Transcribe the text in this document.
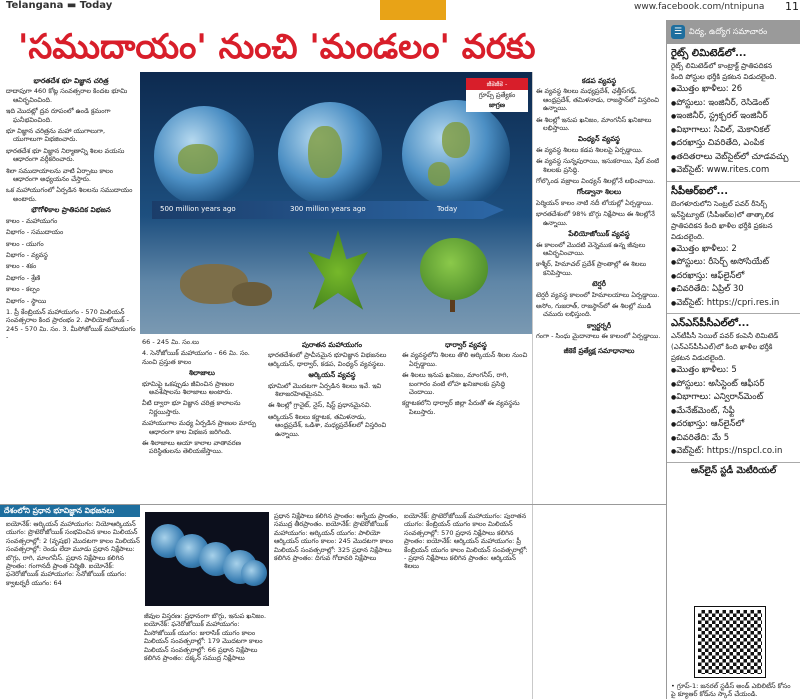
Telangana ▬ Today	www.facebook.com/ntnipuna 11
'సముదాయం' నుంచి 'మండలం' వరకు
భారతదేశ భూ విజ్ఞాన చరిత్ర

దాదాపుగా 460 కోట్ల సంవత్సరాల కిందట భూమి ఆవిర్భవించింది.

ఇది మొదట్లో ద్రవ రూపంలో ఉండి క్రమంగా ఘనీభవించింది.

భూ విజ్ఞాన చరిత్రను మహా యుగాలుగా, యుగాలుగా విభజించారు.

భారతదేశ భూ విజ్ఞాన నిర్మాణాన్ని శిలల వయసు ఆధారంగా వర్గీకరించారు.

శిలా సముదాయాలను వాటి ఏర్పాటు కాలం ఆధారంగా అధ్యయనం చేస్తారు.

ఒక మహాయుగంలో ఏర్పడిన శిలలను సముదాయం అంటారు.

భౌగోళికాల ప్రాతిపదిక విభజన

కాలం - మహాయుగం

విభాగం - సముదాయం

కాలం - యుగం

విభాగం - వ్యవస్థ

కాలం - శకం

విభాగం - శ్రేణి

కాలం - కల్పం

విభాగం - స్థాయి

1. ప్రీ కేంబ్రియన్ మహాయుగం - 570 మిలియన్ సంవత్సరాల కింద ప్రారంభం 2. పాలియోజోయిక్ - 245 - 570 మి. సం. 3. మీసోజోయిక్ మహాయుగం -

జీకెజీకె -
గ్రూప్స్ ప్రత్యేకం
జాగ్రణ
500 million years ago	300 million years ago	Today

66 - 245 మి. సం.లు

4. సెనోజోయిక్ మహాయుగం - 66 మి. సం. నుంచి ప్రస్తుత కాలం

శిలాజాలు

భూమిపై ఒకప్పుడు జీవించిన ప్రాణుల అవశేషాలను శిలాజాలు అంటారు.

వీటి ద్వారా భూ విజ్ఞాన చరిత్ర కాలాలను నిర్ణయిస్తారు.

మహాయుగాల మధ్య ఏర్పడిన ప్రాణుల మార్పు ఆధారంగా కాల విభజన జరిగింది.

ఈ శిలాజాలు ఆయా కాలాల వాతావరణ పరిస్థితులను తెలియజేస్తాయి.

పురాతన మహాయుగం

భారతదేశంలో ప్రాచీనమైన భూవిజ్ఞాన విభజనలు ఆర్కియన్, ధార్వార్, కడప, వింధ్యన్ వ్యవస్థలు.

ఆర్కియన్ వ్యవస్థ

భూమిలో మొదటగా ఏర్పడిన శిలలు ఇవే. ఇవి శిలాజరహితమైనవి.

ఈ శిలల్లో గ్రానైట్, నైస్, షిస్ట్ ప్రధానమైనవి.

ఆర్కియన్ శిలలు కర్ణాటక, తమిళనాడు, ఆంధ్రప్రదేశ్, ఒడిశా, మధ్యప్రదేశ్‌లలో విస్తరించి ఉన్నాయి.

ధార్వార్ వ్యవస్థ

ఈ వ్యవస్థలోని శిలలు తొలి ఆర్కియన్ శిలల నుంచి ఏర్పడ్డాయి.

ఈ శిలలు ఇనుప ఖనిజం, మాంగనీస్, రాగి, బంగారం వంటి లోహ ఖనిజాలకు ప్రసిద్ధి చెందాయి.

కర్ణాటకలోని ధార్వార్ జిల్లా పేరుతో ఈ వ్యవస్థను పిలుస్తారు.

కడప వ్యవస్థ

ఈ వ్యవస్థ శిలలు మధ్యప్రదేశ్, ఛత్తీస్‌గఢ్, ఆంధ్రప్రదేశ్, తమిళనాడు, రాజస్థాన్‌లో విస్తరించి ఉన్నాయి.

ఈ శిలల్లో ఇనుప ఖనిజం, మాంగనీస్ ఖనిజాలు లభిస్తాయి.

వింధ్యన్ వ్యవస్థ

ఈ వ్యవస్థ శిలలు కడప శిలలపై ఏర్పడ్డాయి.

ఈ వ్యవస్థ సున్నపురాయి, ఇసుకరాయి, షేల్ వంటి శిలలకు ప్రసిద్ధి.

గోల్కొండ వజ్రాలు వింధ్యన్ శిలల్లోనే లభించాయి.

గోండ్వానా శిలలు

పెర్మియన్ కాలం నాటి నదీ లోయల్లో ఏర్పడ్డాయి.

భారతదేశంలో 98% బొగ్గు నిక్షేపాలు ఈ శిలల్లోనే ఉన్నాయి.

పేలియోజోయిక్ వ్యవస్థ

ఈ కాలంలో మొదటి వెన్నెముక ఉన్న జీవులు ఆవిర్భవించాయి.

కాశ్మీర్, హిమాచల్ ప్రదేశ్ ప్రాంతాల్లో ఈ శిలలు కనిపిస్తాయి.

టెర్షరీ

టెర్షరీ వ్యవస్థ కాలంలో హిమాలయాలు ఏర్పడ్డాయి.

అసోం, గుజరాత్, రాజస్థాన్‌లో ఈ శిలల్లో ముడి చమురు లభిస్తుంది.

క్వార్టర్నరీ

గంగా - సింధు మైదానాలు ఈ కాలంలో ఏర్పడ్డాయి.

జీకెకే ప్రత్యేక్ష సమాధానాలు
దేశంలోని ప్రధాన భూవిజ్ఞాన విభజనలు

ఐయోనేక్: ఆర్కియన్ మహాయుగం: నియోఆర్కియన్ యుగం: ప్రొటెరోజోయిక్ సంభవించిన కాలం మిలియన్ సంవత్సరాల్లో: 2 (వృషభ) మొదటగా కాలం మిలియన్ సంవత్సరాల్లో: రెండు లేదా మూడు ప్రధాన నిక్షేపాలు: బొగ్గు, రాగి, మాంగనీస్. ప్రధాన నిక్షేపాలు కలిగిన ప్రాంతం: గంగానదీ ప్రాంత నిర్మితి. ఐయోనేక్: ఫనెరోజోయిక్ మహాయుగం: సెనోజోయిక్ యుగం: క్వాటర్నరీ యుగం: 64

జీవుల విస్తరణ: ప్రధానంగా బొగ్గు, ఇనుప ఖనిజం. ఐయోనేక్: ఫనెరోజోయిక్ మహాయుగం: మీసోజోయిక్ యుగం: జురాసిక్ యుగం కాలం మిలియన్ సంవత్సరాల్లో: 179 మొదటగా కాలం మిలియన్ సంవత్సరాల్లో: 66 ప్రధాన నిక్షేపాలు కలిగిన ప్రాంతం: దక్కన్ సముద్ర నిక్షేపాలు

ప్రధాన నిక్షేపాలు కలిగిన ప్రాంతం: ఆగ్నేయ ప్రాంతం, సముద్ర తీరప్రాంతం. ఐయోనేక్: ప్రొటెరోజోయిక్ మహాయుగం: ఆర్కియన్ యుగం: పాలియో ఆర్కియన్ యుగం కాలం: 245 మొదటగా కాలం మిలియన్ సంవత్సరాల్లో: 325 ప్రధాన నిక్షేపాలు కలిగిన ప్రాంతం: దిగువ గోదావరి నిక్షేపాలు

ఐయోనేక్: ప్రొటెరోజోయిక్ మహాయుగం: పురాతన యుగం: కేంబ్రియన్ యుగం కాలం మిలియన్ సంవత్సరాల్లో: 570 ప్రధాన నిక్షేపాలు కలిగిన ప్రాంతం: ఐయోనేక్: ఆర్కియన్ మహాయుగం: ప్రీ కేంబ్రియన్ యుగం కాలం మిలియన్ సంవత్సరాల్లో: - ప్రధాన నిక్షేపాలు కలిగిన ప్రాంతం: ఆర్కియన్ శిలలు

☰ విద్య, ఉద్యోగ సమాచారం
రైట్స్ లిమిటెడ్‌లో...
రైట్స్ లిమిటెడ్‌లో కాంట్రాక్ట్ ప్రాతిపదికన
కింది పోస్టుల భర్తీకి ప్రకటన విడుదలైంది.
● మొత్తం ఖాళీలు: 26
● పోస్టులు: ఇంజినీర్, రెసిడెంట్
● ఇంజినీర్, స్ట్రక్చరల్ ఇంజినీర్
● విభాగాలు: సివిల్, మెకానికల్
● దరఖాస్తు చివరితేది, ఎంపిక
● తదితరాలు వెబ్‌సైట్‌లో చూడవచ్చు
● వెబ్‌సైట్: www.rites.com
సీపీఆర్ఐలో...
బెంగళూరులోని సెంట్రల్ పవర్ రీసెర్చ్
ఇన్‌స్టిట్యూట్ (సీపీఆర్ఐ)లో తాత్కాలిక
ప్రాతిపదికన కింది ఖాళీల భర్తీకి ప్రకటన
విడుదలైంది.
● మొత్తం ఖాళీలు: 2
● పోస్టులు: రీసెర్చ్ అసోసియేట్
● దరఖాస్తు: ఆఫ్‌లైన్‌లో
● చివరితేది: ఏప్రిల్ 30
● వెబ్‌సైట్: https://cpri.res.in
ఎన్ఎస్‌పీసీఎల్‌లో...
ఎన్‌టీపీసీ సెయిల్ పవర్ కంపెనీ లిమిటెడ్
(ఎన్ఎస్‌పీసీఎల్)లో కింది ఖాళీల భర్తీకి
ప్రకటన విడుదలైంది.
● మొత్తం ఖాళీలు: 5
● పోస్టులు: అసిస్టెంట్ ఆఫీసర్
● విభాగాలు: ఎన్విరాన్‌మెంట్
● మేనేజ్‌మెంట్, సేఫ్టీ
● దరఖాస్తు: ఆన్‌లైన్‌లో
● చివరితేది: మే 5
● వెబ్‌సైట్: https://nspcl.co.in
ఆన్‌లైన్ స్టడీ మెటీరియల్
• గ్రూప్-1: జనరల్ స్టడీస్ అండ్ ఎబిలిటీస్ కోసం పై క్యూఆర్ కోడ్‌ను స్కాన్ చేయండి.
